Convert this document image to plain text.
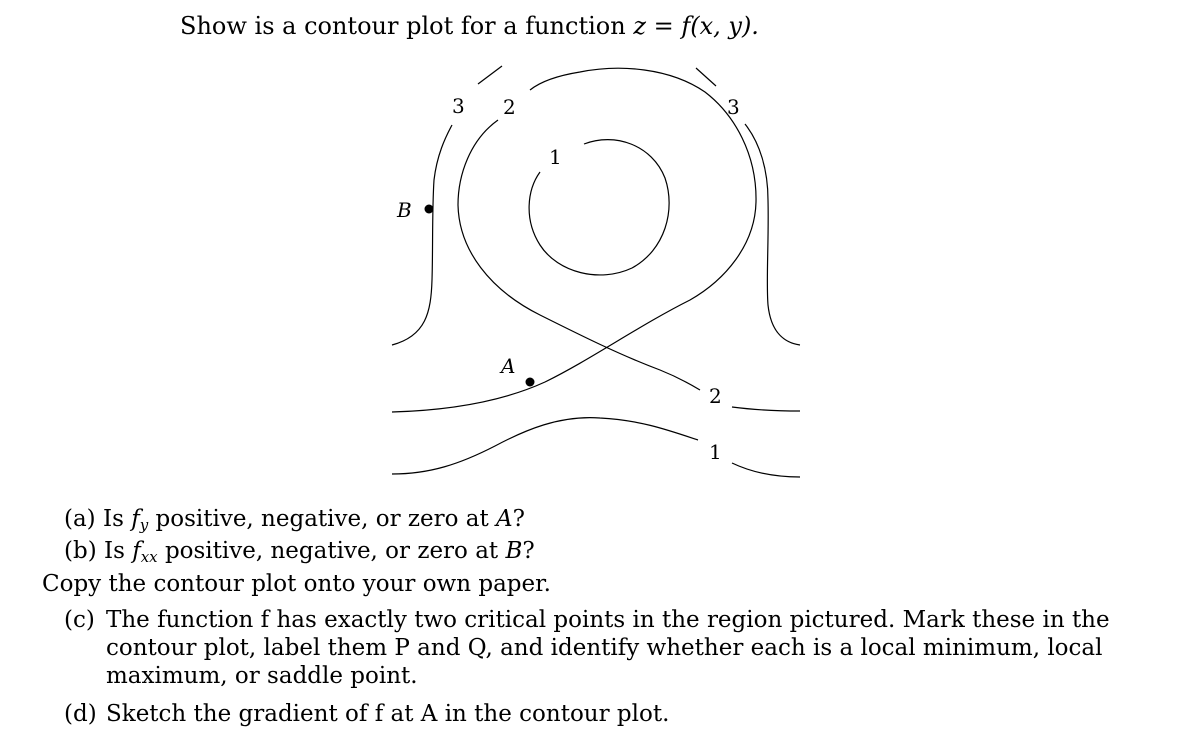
Show is a contour plot for a function z = f(x, y).
3 2	3
1
2
1
B
A
(a) Is $f_y$ positive, negative, or zero at A?
(b) Is $f_{xx}$ positive, negative, or zero at B?
Copy the contour plot onto your own paper.
(c) The function f has exactly two critical points in the region pictured. Mark these in the contour plot, label them P and Q, and identify whether each is a local minimum, local maximum, or saddle point.
(d) Sketch the gradient of f at A in the contour plot.
